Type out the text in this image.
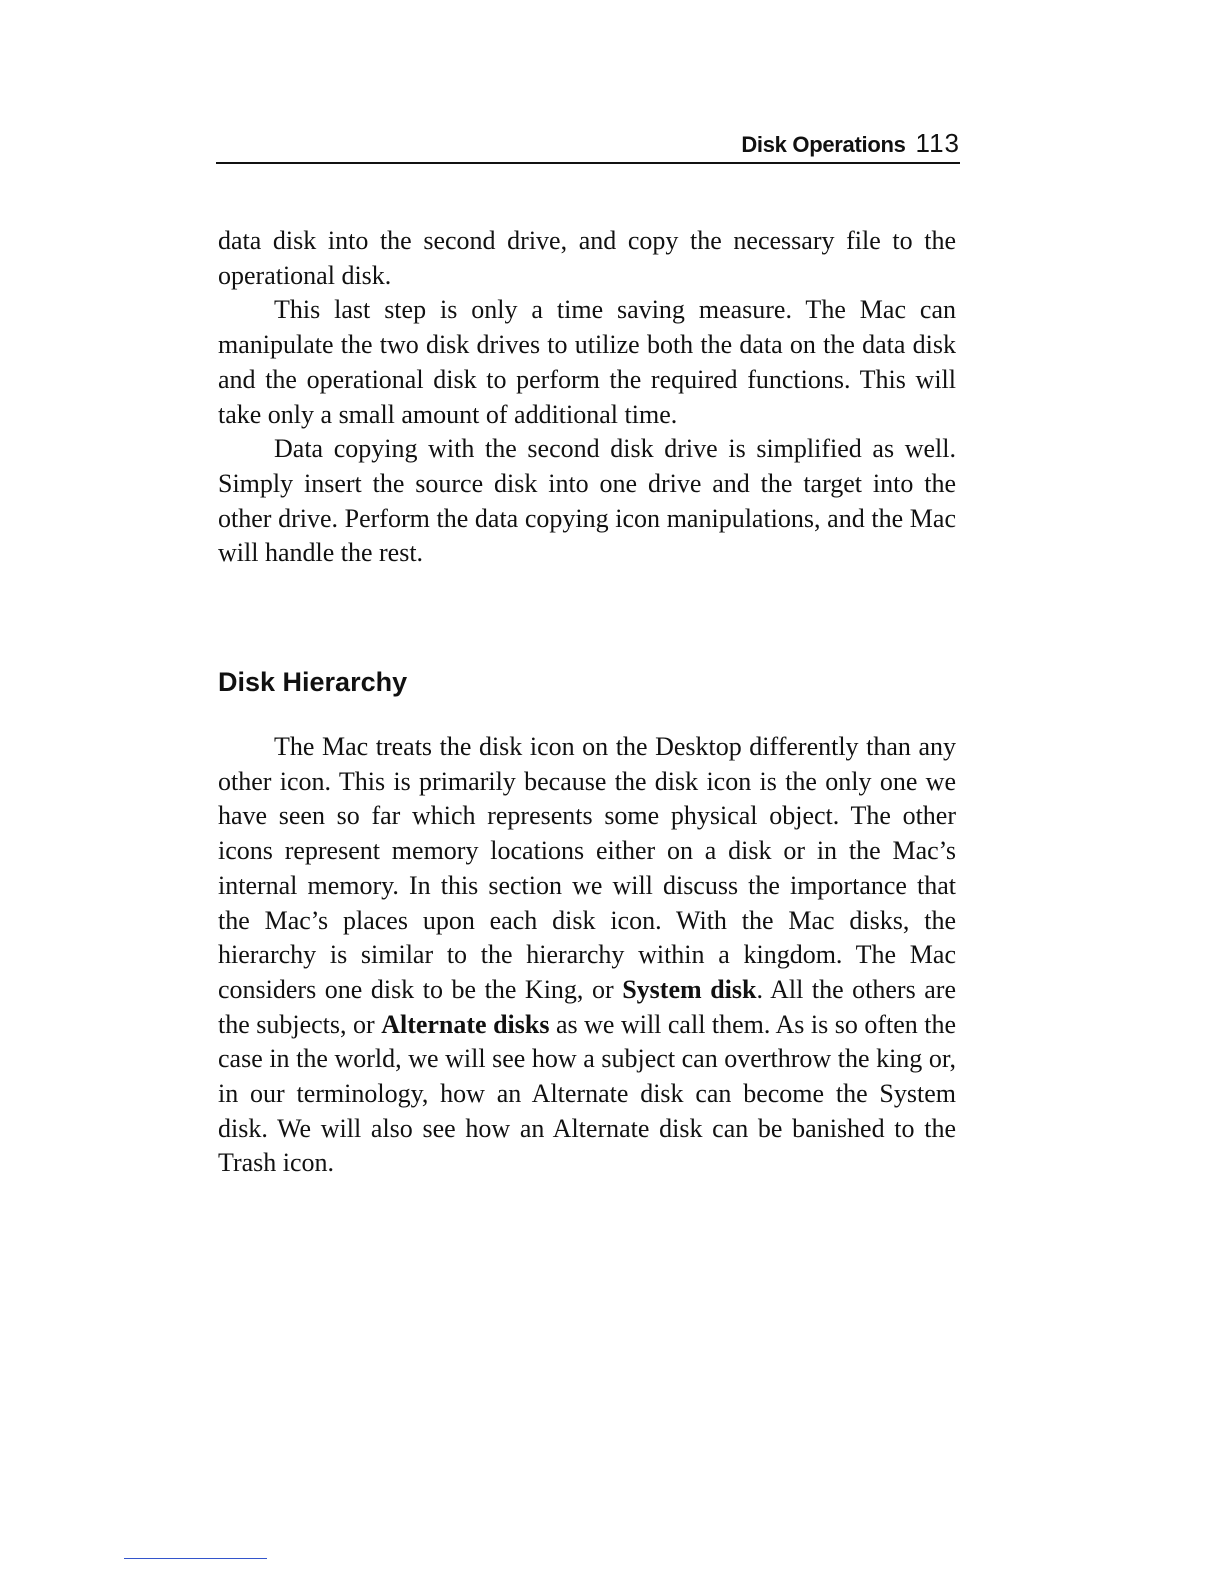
Disk Operations 113

data disk into the second drive, and copy the necessary file to the operational disk.

This last step is only a time saving measure. The Mac can manipulate the two disk drives to utilize both the data on the data disk and the operational disk to perform the required functions. This will take only a small amount of additional time.

Data copying with the second disk drive is simplified as well. Simply insert the source disk into one drive and the target into the other drive. Perform the data copying icon manipulations, and the Mac will handle the rest.

Disk Hierarchy

The Mac treats the disk icon on the Desktop differently than any other icon. This is primarily because the disk icon is the only one we have seen so far which represents some physical object. The other icons represent memory locations either on a disk or in the Mac’s internal memory. In this section we will discuss the importance that the Mac’s places upon each disk icon. With the Mac disks, the hierarchy is similar to the hierarchy within a kingdom. The Mac considers one disk to be the King, or System disk. All the others are the subjects, or Alternate disks as we will call them. As is so often the case in the world, we will see how a subject can overthrow the king or, in our terminology, how an Alternate disk can become the System disk. We will also see how an Alternate disk can be banished to the Trash icon.
